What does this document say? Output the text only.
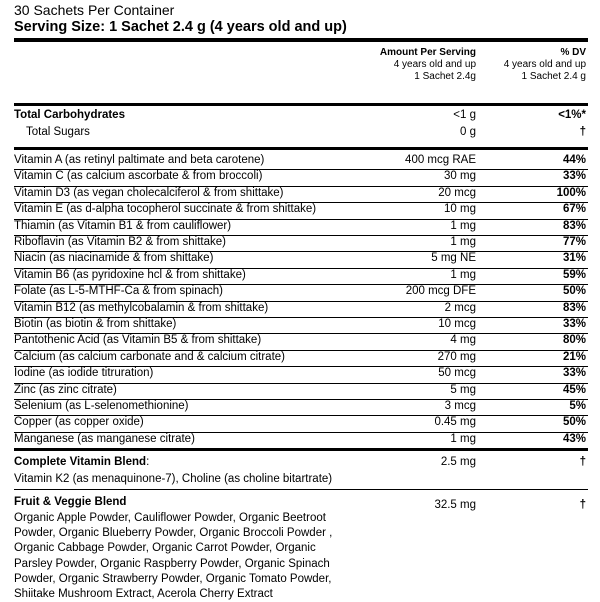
30 Sachets Per Container
Serving Size: 1 Sachet 2.4 g (4 years old and up)
Amount Per Serving
4 years old and up
1 Sachet 2.4g
% DV
4 years old and up
1 Sachet 2.4 g
Total Carbohydrates	<1 g	<1%*
Total Sugars	0 g	†
Vitamin A (as retinyl paltimate and beta carotene)	400 mcg RAE	44%
Vitamin C (as calcium ascorbate & from broccoli)	30 mg	33%
Vitamin D3 (as vegan cholecalciferol & from shittake)	20 mcg	100%
Vitamin E (as d-alpha tocopherol succinate & from shittake)	10 mg	67%
Thiamin (as Vitamin B1 & from cauliflower)	1 mg	83%
Riboflavin (as Vitamin B2 & from shittake)	1 mg	77%
Niacin (as niacinamide & from shittake)	5 mg NE	31%
Vitamin B6 (as pyridoxine hcl & from shittake)	1 mg	59%
Folate (as L-5-MTHF-Ca & from spinach)	200 mcg DFE	50%
Vitamin B12 (as methylcobalamin & from shittake)	2 mcg	83%
Biotin (as biotin & from shittake)	10 mcg	33%
Pantothenic Acid (as Vitamin B5 & from shittake)	4 mg	80%
Calcium (as calcium carbonate and & calcium citrate)	270 mg	21%
Iodine (as iodide titruration)	50 mcg	33%
Zinc (as zinc citrate)	5 mg	45%
Selenium (as L-selenomethionine)	3 mcg	5%
Copper (as copper oxide)	0.45 mg	50%
Manganese (as manganese citrate)	1 mg	43%
Complete Vitamin Blend:	2.5 mg	†
Vitamin K2 (as menaquinone-7), Choline (as choline bitartrate)
Fruit & Veggie Blend	32.5 mg	†
Organic Apple Powder, Cauliflower Powder, Organic Beetroot
Powder, Organic Blueberry Powder, Organic Broccoli Powder ,
Organic Cabbage Powder, Organic Carrot Powder, Organic
Parsley Powder, Organic Raspberry Powder, Organic Spinach
Powder, Organic Strawberry Powder, Organic Tomato Powder,
Shiitake Mushroom Extract, Acerola Cherry Extract
